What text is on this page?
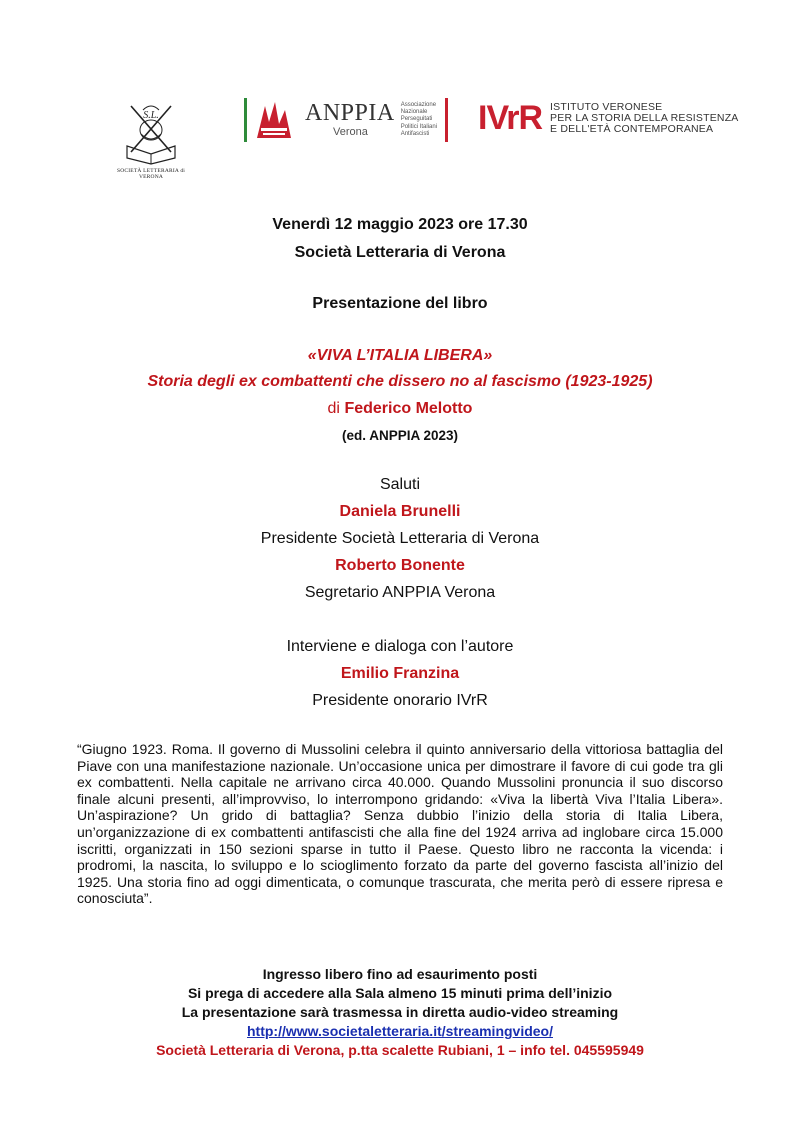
S.L.
SOCIETÀ LETTERARIA di VERONA
ANPPIA
Verona
Associazione
Nazionale
Perseguitati
Politici Italiani
Antifascisti IVrR ISTITUTO VERONESE
PER LA STORIA DELLA RESISTENZA
E DELL'ETÀ CONTEMPORANEA
Venerdì 12 maggio 2023 ore 17.30
Società Letteraria di Verona
Presentazione del libro
«VIVA L’ITALIA LIBERA»
Storia degli ex combattenti che dissero no al fascismo (1923-1925)
di Federico Melotto
(ed. ANPPIA 2023)
Saluti
Daniela Brunelli
Presidente Società Letteraria di Verona
Roberto Bonente
Segretario ANPPIA Verona
Interviene e dialoga con l’autore
Emilio Franzina
Presidente onorario IVrR
“Giugno 1923. Roma. Il governo di Mussolini celebra il quinto anniversario della vittoriosa battaglia del Piave con una manifestazione nazionale. Un’occasione unica per dimostrare il favore di cui gode tra gli ex combattenti. Nella capitale ne arrivano circa 40.000. Quando Mussolini pronuncia il suo discorso finale alcuni presenti, all’improvviso, lo interrompono gridando: «Viva la libertà Viva l’Italia Libera». Un’aspirazione? Un grido di battaglia? Senza dubbio l’inizio della storia di Italia Libera, un’organizzazione di ex combattenti antifascisti che alla fine del 1924 arriva ad inglobare circa 15.000 iscritti, organizzati in 150 sezioni sparse in tutto il Paese. Questo libro ne racconta la vicenda: i prodromi, la nascita, lo sviluppo e lo scioglimento forzato da parte del governo fascista all’inizio del 1925. Una storia fino ad oggi dimenticata, o comunque trascurata, che merita però di essere ripresa e conosciuta”.
Ingresso libero fino ad esaurimento posti
Si prega di accedere alla Sala almeno 15 minuti prima dell’inizio
La presentazione sarà trasmessa in diretta audio-video streaming
http://www.societaletteraria.it/streamingvideo/
Società Letteraria di Verona, p.tta scalette Rubiani, 1 – info tel. 045595949
